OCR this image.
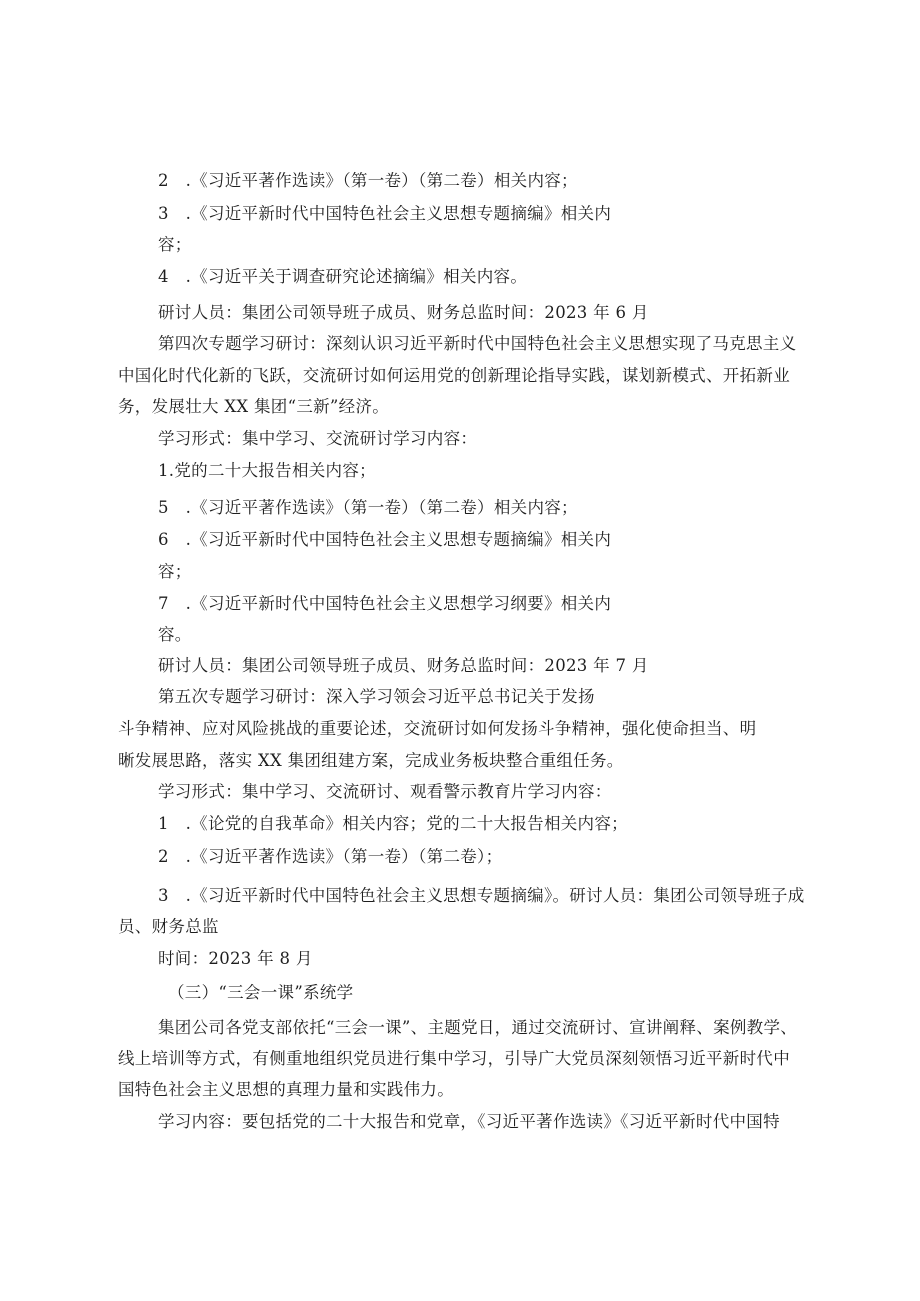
2　.《习近平著作选读》（第一卷）（第二卷）相关内容；
3　.《习近平新时代中国特色社会主义思想专题摘编》相关内
容；
4　.《习近平关于调查研究论述摘编》相关内容。
研讨人员：集团公司领导班子成员、财务总监时间：2023 年 6 月
第四次专题学习研讨：深刻认识习近平新时代中国特色社会主义思想实现了马克思主义
中国化时代化新的飞跃，交流研讨如何运用党的创新理论指导实践，谋划新模式、开拓新业
务，发展壮大 XX 集团“三新”经济。
学习形式：集中学习、交流研讨学习内容：
1.党的二十大报告相关内容；
5　.《习近平著作选读》（第一卷）（第二卷）相关内容；
6　.《习近平新时代中国特色社会主义思想专题摘编》相关内
容；
7　.《习近平新时代中国特色社会主义思想学习纲要》相关内
容。
研讨人员：集团公司领导班子成员、财务总监时间：2023 年 7 月
第五次专题学习研讨：深入学习领会习近平总书记关于发扬
斗争精神、应对风险挑战的重要论述，交流研讨如何发扬斗争精神，强化使命担当、明
晰发展思路，落实 XX 集团组建方案，完成业务板块整合重组任务。
学习形式：集中学习、交流研讨、观看警示教育片学习内容：
1　.《论党的自我革命》相关内容；党的二十大报告相关内容；
2　.《习近平著作选读》（第一卷）（第二卷）；
3　.《习近平新时代中国特色社会主义思想专题摘编》。研讨人员：集团公司领导班子成
员、财务总监
时间：2023 年 8 月
（三）“三会一课”系统学
集团公司各党支部依托“三会一课”、主题党日，通过交流研讨、宣讲阐释、案例教学、
线上培训等方式，有侧重地组织党员进行集中学习，引导广大党员深刻领悟习近平新时代中
国特色社会主义思想的真理力量和实践伟力。
学习内容：要包括党的二十大报告和党章，《习近平著作选读》《习近平新时代中国特
